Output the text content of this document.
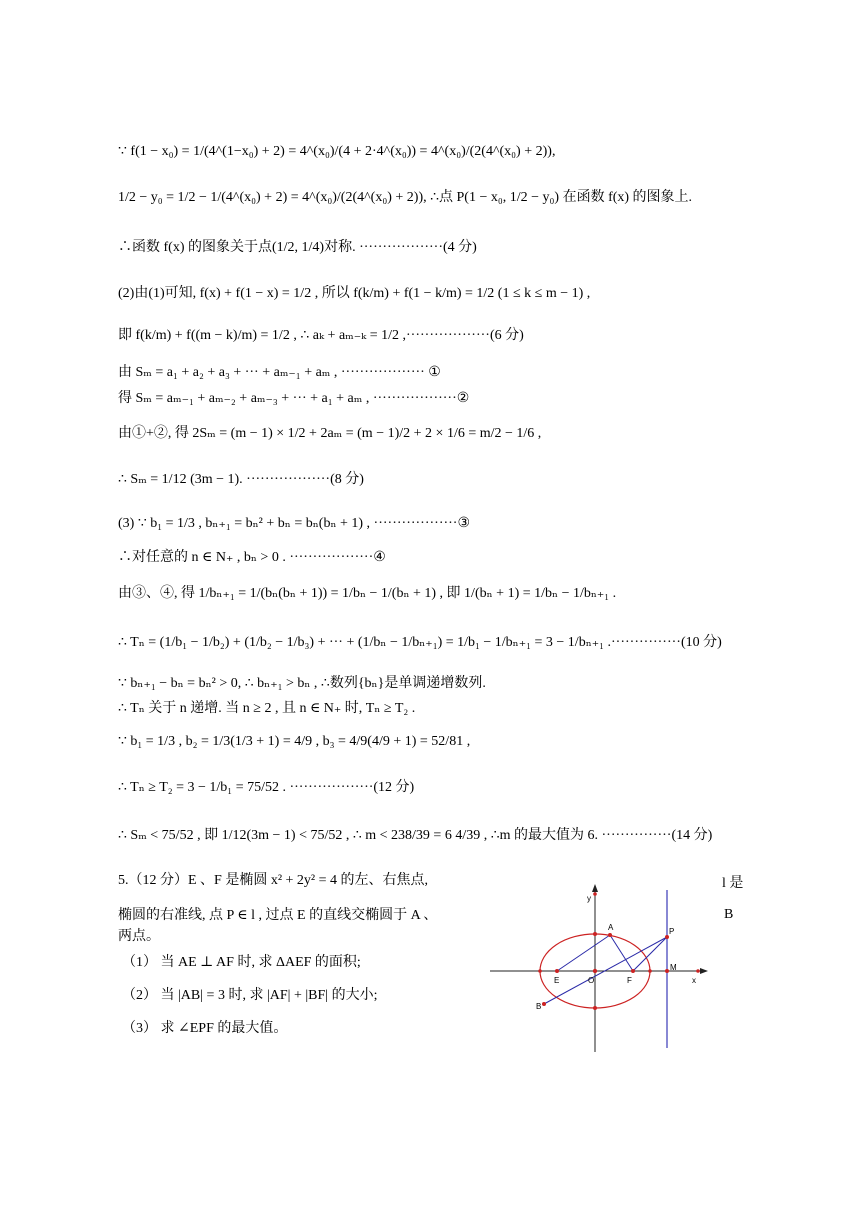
∵ f(1 − x₀) = 1/(4^(1−x₀) + 2) = 4^(x₀)/(4 + 2·4^(x₀)) = 4^(x₀)/(2(4^(x₀) + 2)),
1/2 − y₀ = 1/2 − 1/(4^(x₀) + 2) = 4^(x₀)/(2(4^(x₀) + 2)), ∴点 P(1 − x₀, 1/2 − y₀) 在函数 f(x) 的图象上.
∴函数 f(x) 的图象关于点(1/2, 1/4)对称. ··················(4 分)
(2)由(1)可知, f(x) + f(1 − x) = 1/2 , 所以 f(k/m) + f(1 − k/m) = 1/2 (1 ≤ k ≤ m − 1) ,
即 f(k/m) + f((m − k)/m) = 1/2 , ∴ aₖ + aₘ₋ₖ = 1/2 ,··················(6 分)
由 Sₘ = a₁ + a₂ + a₃ + ··· + aₘ₋₁ + aₘ , ·················· ①
得 Sₘ = aₘ₋₁ + aₘ₋₂ + aₘ₋₃ + ··· + a₁ + aₘ , ··················②
由①+②, 得 2Sₘ = (m − 1) × 1/2 + 2aₘ = (m − 1)/2 + 2 × 1/6 = m/2 − 1/6 ,
∴ Sₘ = 1/12 (3m − 1). ··················(8 分)
(3) ∵ b₁ = 1/3 , bₙ₊₁ = bₙ² + bₙ = bₙ(bₙ + 1) , ··················③
∴对任意的 n ∈ N₊ , bₙ > 0 . ··················④
由③、④, 得 1/bₙ₊₁ = 1/(bₙ(bₙ + 1)) = 1/bₙ − 1/(bₙ + 1) , 即 1/(bₙ + 1) = 1/bₙ − 1/bₙ₊₁ .
∴ Tₙ = (1/b₁ − 1/b₂) + (1/b₂ − 1/b₃) + ··· + (1/bₙ − 1/bₙ₊₁) = 1/b₁ − 1/bₙ₊₁ = 3 − 1/bₙ₊₁ .···············(10 分)
∵ bₙ₊₁ − bₙ = bₙ² > 0, ∴ bₙ₊₁ > bₙ , ∴数列{bₙ}是单调递增数列.
∴ Tₙ 关于 n 递增. 当 n ≥ 2 , 且 n ∈ N₊ 时, Tₙ ≥ T₂ .
∵ b₁ = 1/3 , b₂ = 1/3(1/3 + 1) = 4/9 , b₃ = 4/9(4/9 + 1) = 52/81 ,
∴ Tₙ ≥ T₂ = 3 − 1/b₁ = 75/52 . ··················(12 分)
∴ Sₘ < 75/52 , 即 1/12(3m − 1) < 75/52 , ∴ m < 238/39 = 6 4/39 , ∴m 的最大值为 6. ···············(14 分)
5.（12 分）E 、F 是椭圆 x² + 2y² = 4 的左、右焦点,	l 是
椭圆的右准线, 点 P ∈ l , 过点 E 的直线交椭圆于 A 、	B
两点。
（1） 当 AE ⊥ AF 时, 求 ΔAEF 的面积;
（2） 当 |AB| = 3 时, 求 |AF| + |BF| 的大小;
（3） 求 ∠EPF 的最大值。
y
x
A	P
E	O	F
B
M
